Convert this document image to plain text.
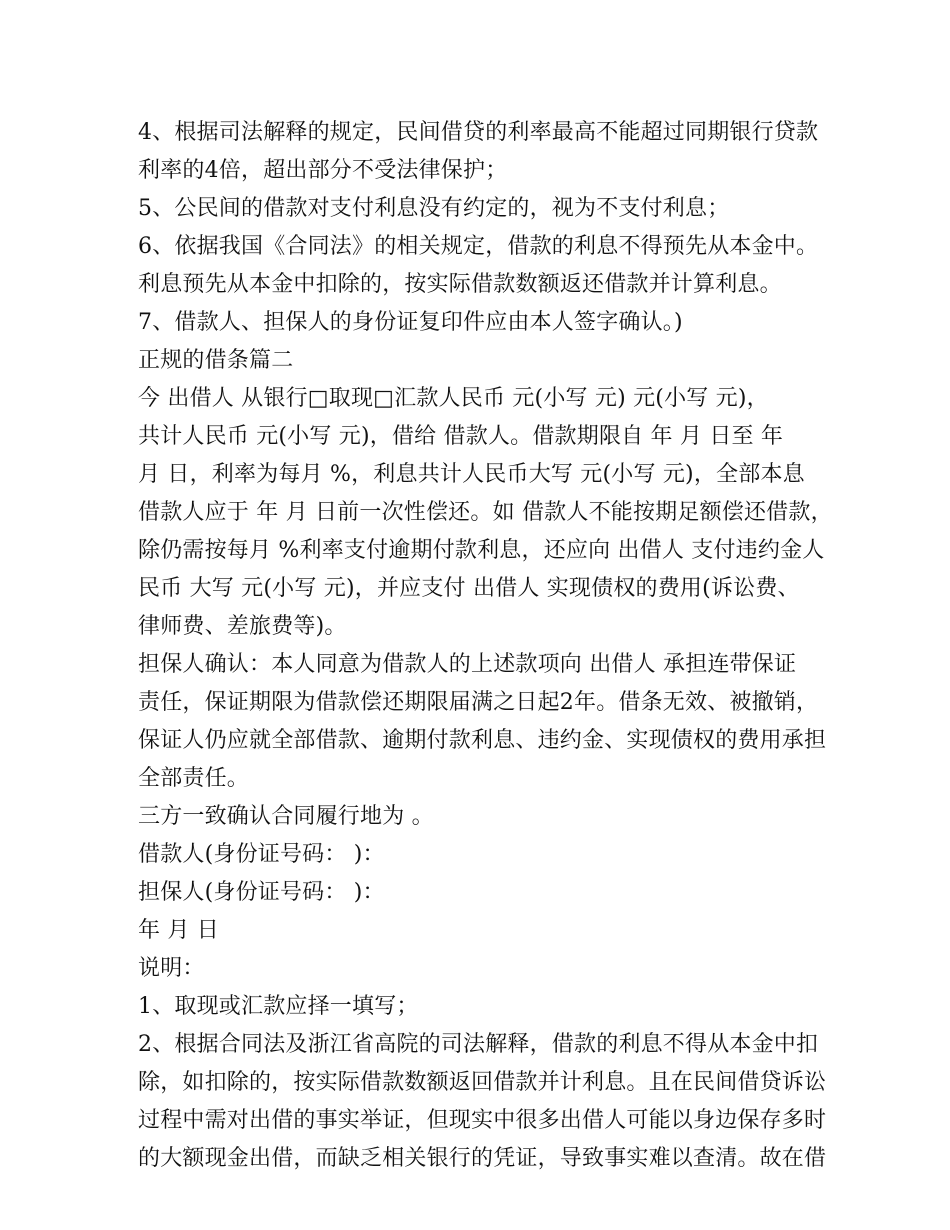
4、根据司法解释的规定，民间借贷的利率最高不能超过同期银行贷款
利率的4倍，超出部分不受法律保护；
5、公民间的借款对支付利息没有约定的，视为不支付利息；
6、依据我国《合同法》的相关规定，借款的利息不得预先从本金中。
利息预先从本金中扣除的，按实际借款数额返还借款并计算利息。
7、借款人、担保人的身份证复印件应由本人签字确认。)
正规的借条篇二
今 出借人 从银行□取现□汇款人民币 元(小写 元) 元(小写 元)，
共计人民币 元(小写 元)，借给 借款人。借款期限自 年 月 日至 年
月 日，利率为每月 %，利息共计人民币大写 元(小写 元)，全部本息
借款人应于 年 月 日前一次性偿还。如 借款人不能按期足额偿还借款，
除仍需按每月 %利率支付逾期付款利息，还应向 出借人 支付违约金人
民币 大写 元(小写 元)，并应支付 出借人 实现债权的费用(诉讼费、
律师费、差旅费等)。
担保人确认：本人同意为借款人的上述款项向 出借人 承担连带保证
责任，保证期限为借款偿还期限届满之日起2年。借条无效、被撤销，
保证人仍应就全部借款、逾期付款利息、违约金、实现债权的费用承担
全部责任。
三方一致确认合同履行地为 。
借款人(身份证号码： )：
担保人(身份证号码： )：
年 月 日
说明：
1、取现或汇款应择一填写；
2、根据合同法及浙江省高院的司法解释，借款的利息不得从本金中扣
除，如扣除的，按实际借款数额返回借款并计利息。且在民间借贷诉讼
过程中需对出借的事实举证，但现实中很多出借人可能以身边保存多时
的大额现金出借，而缺乏相关银行的凭证，导致事实难以查清。故在借
